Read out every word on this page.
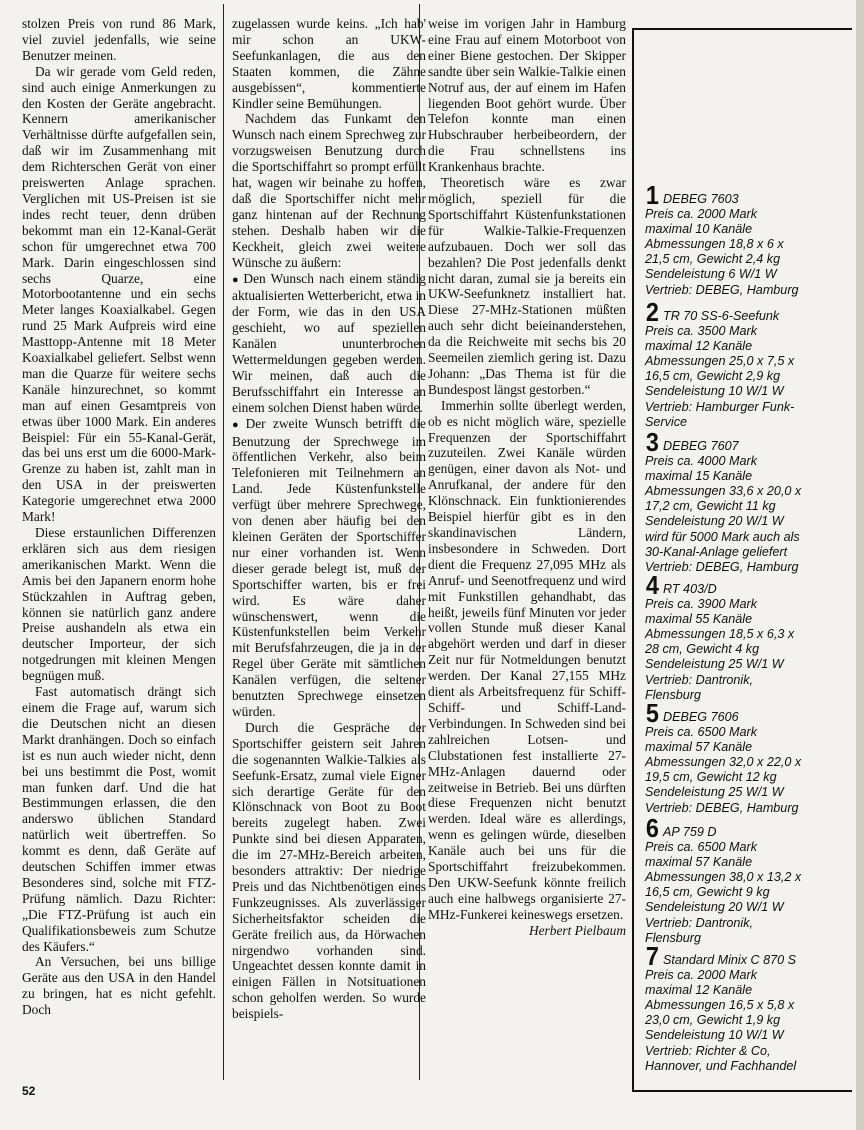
stolzen Preis von rund 86 Mark, viel zuviel jedenfalls, wie seine Benutzer meinen.

Da wir gerade vom Geld reden, sind auch einige Anmerkungen zu den Kosten der Geräte angebracht. Kennern amerikanischer Verhältnisse dürfte aufgefallen sein, daß wir im Zusammenhang mit dem Richterschen Gerät von einer preiswerten Anlage sprachen. Verglichen mit US-Preisen ist sie indes recht teuer, denn drüben bekommt man ein 12-Kanal-Gerät schon für umgerechnet etwa 700 Mark. Darin eingeschlossen sind sechs Quarze, eine Motorbootantenne und ein sechs Meter langes Koaxialkabel. Gegen rund 25 Mark Aufpreis wird eine Masttopp-Antenne mit 18 Meter Koaxialkabel geliefert. Selbst wenn man die Quarze für weitere sechs Kanäle hinzurechnet, so kommt man auf einen Gesamtpreis von etwas über 1000 Mark. Ein anderes Beispiel: Für ein 55-Kanal-Gerät, das bei uns erst um die 6000-Mark-Grenze zu haben ist, zahlt man in den USA in der preiswerten Kategorie umgerechnet etwa 2000 Mark!

Diese erstaunlichen Differenzen erklären sich aus dem riesigen amerikanischen Markt. Wenn die Amis bei den Japanern enorm hohe Stückzahlen in Auftrag geben, können sie natürlich ganz andere Preise aushandeln als etwa ein deutscher Importeur, der sich notgedrungen mit kleinen Mengen begnügen muß.

Fast automatisch drängt sich einem die Frage auf, warum sich die Deutschen nicht an diesen Markt dranhängen. Doch so einfach ist es nun auch wieder nicht, denn bei uns bestimmt die Post, womit man funken darf. Und die hat Bestimmungen erlassen, die den anderswo üblichen Standard natürlich weit übertreffen. So kommt es denn, daß Geräte auf deutschen Schiffen immer etwas Besonderes sind, solche mit FTZ-Prüfung nämlich. Dazu Richter: „Die FTZ-Prüfung ist auch ein Qualifikationsbeweis zum Schutze des Käufers.“

An Versuchen, bei uns billige Geräte aus den USA in den Handel zu bringen, hat es nicht gefehlt. Doch

zugelassen wurde keins. „Ich hab' mir schon an UKW-Seefunkanlagen, die aus den Staaten kommen, die Zähne ausgebissen“, kommentierte Kindler seine Bemühungen.

Nachdem das Funkamt den Wunsch nach einem Sprechweg zur vorzugsweisen Benutzung durch die Sportschiffahrt so prompt erfüllt hat, wagen wir beinahe zu hoffen, daß die Sportschiffer nicht mehr ganz hintenan auf der Rechnung stehen. Deshalb haben wir die Keckheit, gleich zwei weitere Wünsche zu äußern:

● Den Wunsch nach einem ständig aktualisierten Wetterbericht, etwa in der Form, wie das in den USA geschieht, wo auf speziellen Kanälen ununterbrochen Wettermeldungen gegeben werden. Wir meinen, daß auch die Berufsschiffahrt ein Interesse an einem solchen Dienst haben würde.

● Der zweite Wunsch betrifft die Benutzung der Sprechwege im öffentlichen Verkehr, also beim Telefonieren mit Teilnehmern an Land. Jede Küstenfunkstelle verfügt über mehrere Sprechwege, von denen aber häufig bei den kleinen Geräten der Sportschiffer nur einer vorhanden ist. Wenn dieser gerade belegt ist, muß der Sportschiffer warten, bis er frei wird. Es wäre daher wünschenswert, wenn die Küstenfunkstellen beim Verkehr mit Berufsfahrzeugen, die ja in der Regel über Geräte mit sämtlichen Kanälen verfügen, die seltener benutzten Sprechwege einsetzen würden.

Durch die Gespräche der Sportschiffer geistern seit Jahren die sogenannten Walkie-Talkies als Seefunk-Ersatz, zumal viele Eigner sich derartige Geräte für den Klönschnack von Boot zu Boot bereits zugelegt haben. Zwei Punkte sind bei diesen Apparaten, die im 27-MHz-Bereich arbeiten, besonders attraktiv: Der niedrige Preis und das Nichtbenötigen eines Funkzeugnisses. Als zuverlässiger Sicherheitsfaktor scheiden die Geräte freilich aus, da Hörwachen nirgendwo vorhanden sind. Ungeachtet dessen konnte damit in einigen Fällen in Notsituationen schon geholfen werden. So wurde beispiels-

weise im vorigen Jahr in Hamburg eine Frau auf einem Motorboot von einer Biene gestochen. Der Skipper sandte über sein Walkie-Talkie einen Notruf aus, der auf einem im Hafen liegenden Boot gehört wurde. Über Telefon konnte man einen Hubschrauber herbeibeordern, der die Frau schnellstens ins Krankenhaus brachte.

Theoretisch wäre es zwar möglich, speziell für die Sportschiffahrt Küstenfunkstationen für Walkie-Talkie-Frequenzen aufzubauen. Doch wer soll das bezahlen? Die Post jedenfalls denkt nicht daran, zumal sie ja bereits ein UKW-Seefunknetz installiert hat. Diese 27-MHz-Stationen müßten auch sehr dicht beieinanderstehen, da die Reichweite mit sechs bis 20 Seemeilen ziemlich gering ist. Dazu Johann: „Das Thema ist für die Bundespost längst gestorben.“

Immerhin sollte überlegt werden, ob es nicht möglich wäre, spezielle Frequenzen der Sportschiffahrt zuzuteilen. Zwei Kanäle würden genügen, einer davon als Not- und Anrufkanal, der andere für den Klönschnack. Ein funktionierendes Beispiel hierfür gibt es in den skandinavischen Ländern, insbesondere in Schweden. Dort dient die Frequenz 27,095 MHz als Anruf- und Seenotfrequenz und wird mit Funkstillen gehandhabt, das heißt, jeweils fünf Minuten vor jeder vollen Stunde muß dieser Kanal abgehört werden und darf in dieser Zeit nur für Notmeldungen benutzt werden. Der Kanal 27,155 MHz dient als Arbeitsfrequenz für Schiff-Schiff- und Schiff-Land-Verbindungen. In Schweden sind bei zahlreichen Lotsen- und Clubstationen fest installierte 27-MHz-Anlagen dauernd oder zeitweise in Betrieb. Bei uns dürften diese Frequenzen nicht benutzt werden. Ideal wäre es allerdings, wenn es gelingen würde, dieselben Kanäle auch bei uns für die Sportschiffahrt freizubekommen. Den UKW-Seefunk könnte freilich auch eine halbwegs organisierte 27-MHz-Funkerei keineswegs ersetzen.

Herbert Pielbaum

1 DEBEG 7603
Preis ca. 2000 Mark
maximal 10 Kanäle
Abmessungen 18,8 x 6 x
21,5 cm, Gewicht 2,4 kg
Sendeleistung 6 W/1 W
Vertrieb: DEBEG, Hamburg
2 TR 70 SS-6-Seefunk
Preis ca. 3500 Mark
maximal 12 Kanäle
Abmessungen 25,0 x 7,5 x
16,5 cm, Gewicht 2,9 kg
Sendeleistung 10 W/1 W
Vertrieb: Hamburger Funk-
Service
3 DEBEG 7607
Preis ca. 4000 Mark
maximal 15 Kanäle
Abmessungen 33,6 x 20,0 x
17,2 cm, Gewicht 11 kg
Sendeleistung 20 W/1 W
wird für 5000 Mark auch als
30-Kanal-Anlage geliefert
Vertrieb: DEBEG, Hamburg
4 RT 403/D
Preis ca. 3900 Mark
maximal 55 Kanäle
Abmessungen 18,5 x 6,3 x
28 cm, Gewicht 4 kg
Sendeleistung 25 W/1 W
Vertrieb: Dantronik,
Flensburg
5 DEBEG 7606
Preis ca. 6500 Mark
maximal 57 Kanäle
Abmessungen 32,0 x 22,0 x
19,5 cm, Gewicht 12 kg
Sendeleistung 25 W/1 W
Vertrieb: DEBEG, Hamburg
6 AP 759 D
Preis ca. 6500 Mark
maximal 57 Kanäle
Abmessungen 38,0 x 13,2 x
16,5 cm, Gewicht 9 kg
Sendeleistung 20 W/1 W
Vertrieb: Dantronik,
Flensburg
7 Standard Minix C 870 S
Preis ca. 2000 Mark
maximal 12 Kanäle
Abmessungen 16,5 x 5,8 x
23,0 cm, Gewicht 1,9 kg
Sendeleistung 10 W/1 W
Vertrieb: Richter & Co,
Hannover, und Fachhandel
52
